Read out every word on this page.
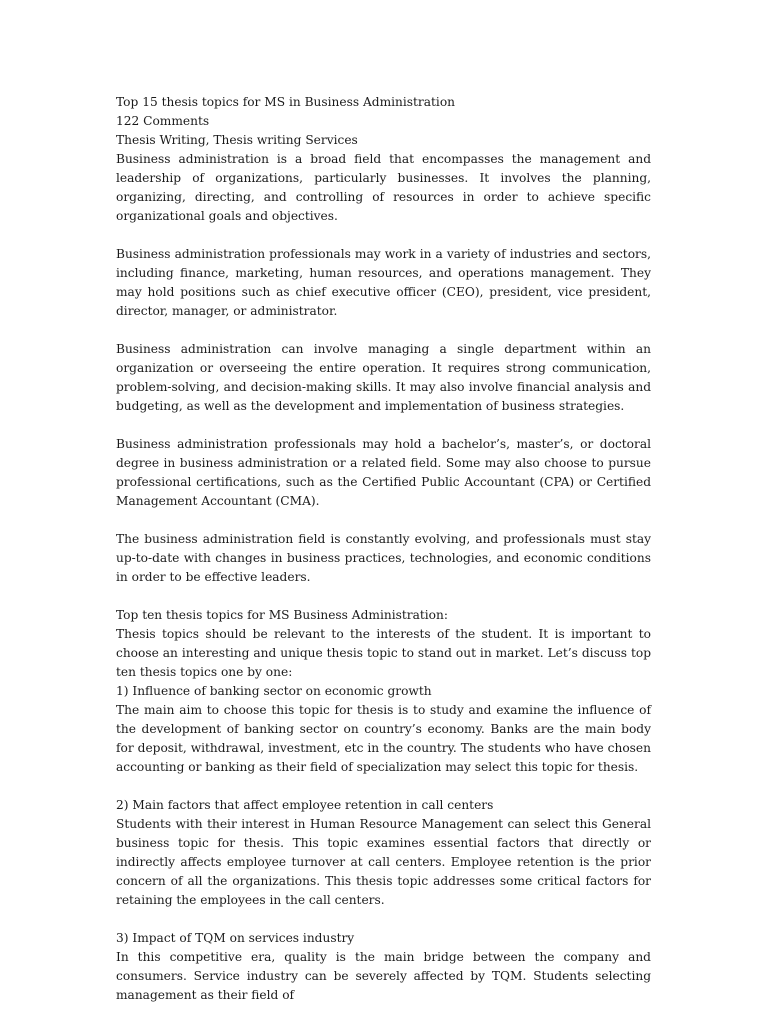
Top 15 thesis topics for MS in Business Administration

122 Comments

Thesis Writing, Thesis writing Services

Business administration is a broad field that encompasses the management and leadership of organizations, particularly businesses. It involves the planning, organizing, directing, and controlling of resources in order to achieve specific organizational goals and objectives.

Business administration professionals may work in a variety of industries and sectors, including finance, marketing, human resources, and operations management. They may hold positions such as chief executive officer (CEO), president, vice president, director, manager, or administrator.

Business administration can involve managing a single department within an organization or overseeing the entire operation. It requires strong communication, problem-solving, and decision-making skills. It may also involve financial analysis and budgeting, as well as the development and implementation of business strategies.

Business administration professionals may hold a bachelor’s, master’s, or doctoral degree in business administration or a related field. Some may also choose to pursue professional certifications, such as the Certified Public Accountant (CPA) or Certified Management Accountant (CMA).

The business administration field is constantly evolving, and professionals must stay up-to-date with changes in business practices, technologies, and economic conditions in order to be effective leaders.

Top ten thesis topics for MS Business Administration:

Thesis topics should be relevant to the interests of the student. It is important to choose an interesting and unique thesis topic to stand out in market. Let’s discuss top ten thesis topics one by one:

1) Influence of banking sector on economic growth

The main aim to choose this topic for thesis is to study and examine the influence of the development of banking sector on country’s economy. Banks are the main body for deposit, withdrawal, investment, etc in the country. The students who have chosen accounting or banking as their field of specialization may select this topic for thesis.

2) Main factors that affect employee retention in call centers

Students with their interest in Human Resource Management can select this General business topic for thesis. This topic examines essential factors that directly or indirectly affects employee turnover at call centers. Employee retention is the prior concern of all the organizations. This thesis topic addresses some critical factors for retaining the employees in the call centers.

3) Impact of TQM on services industry

In this competitive era, quality is the main bridge between the company and consumers. Service industry can be severely affected by TQM. Students selecting management as their field of
